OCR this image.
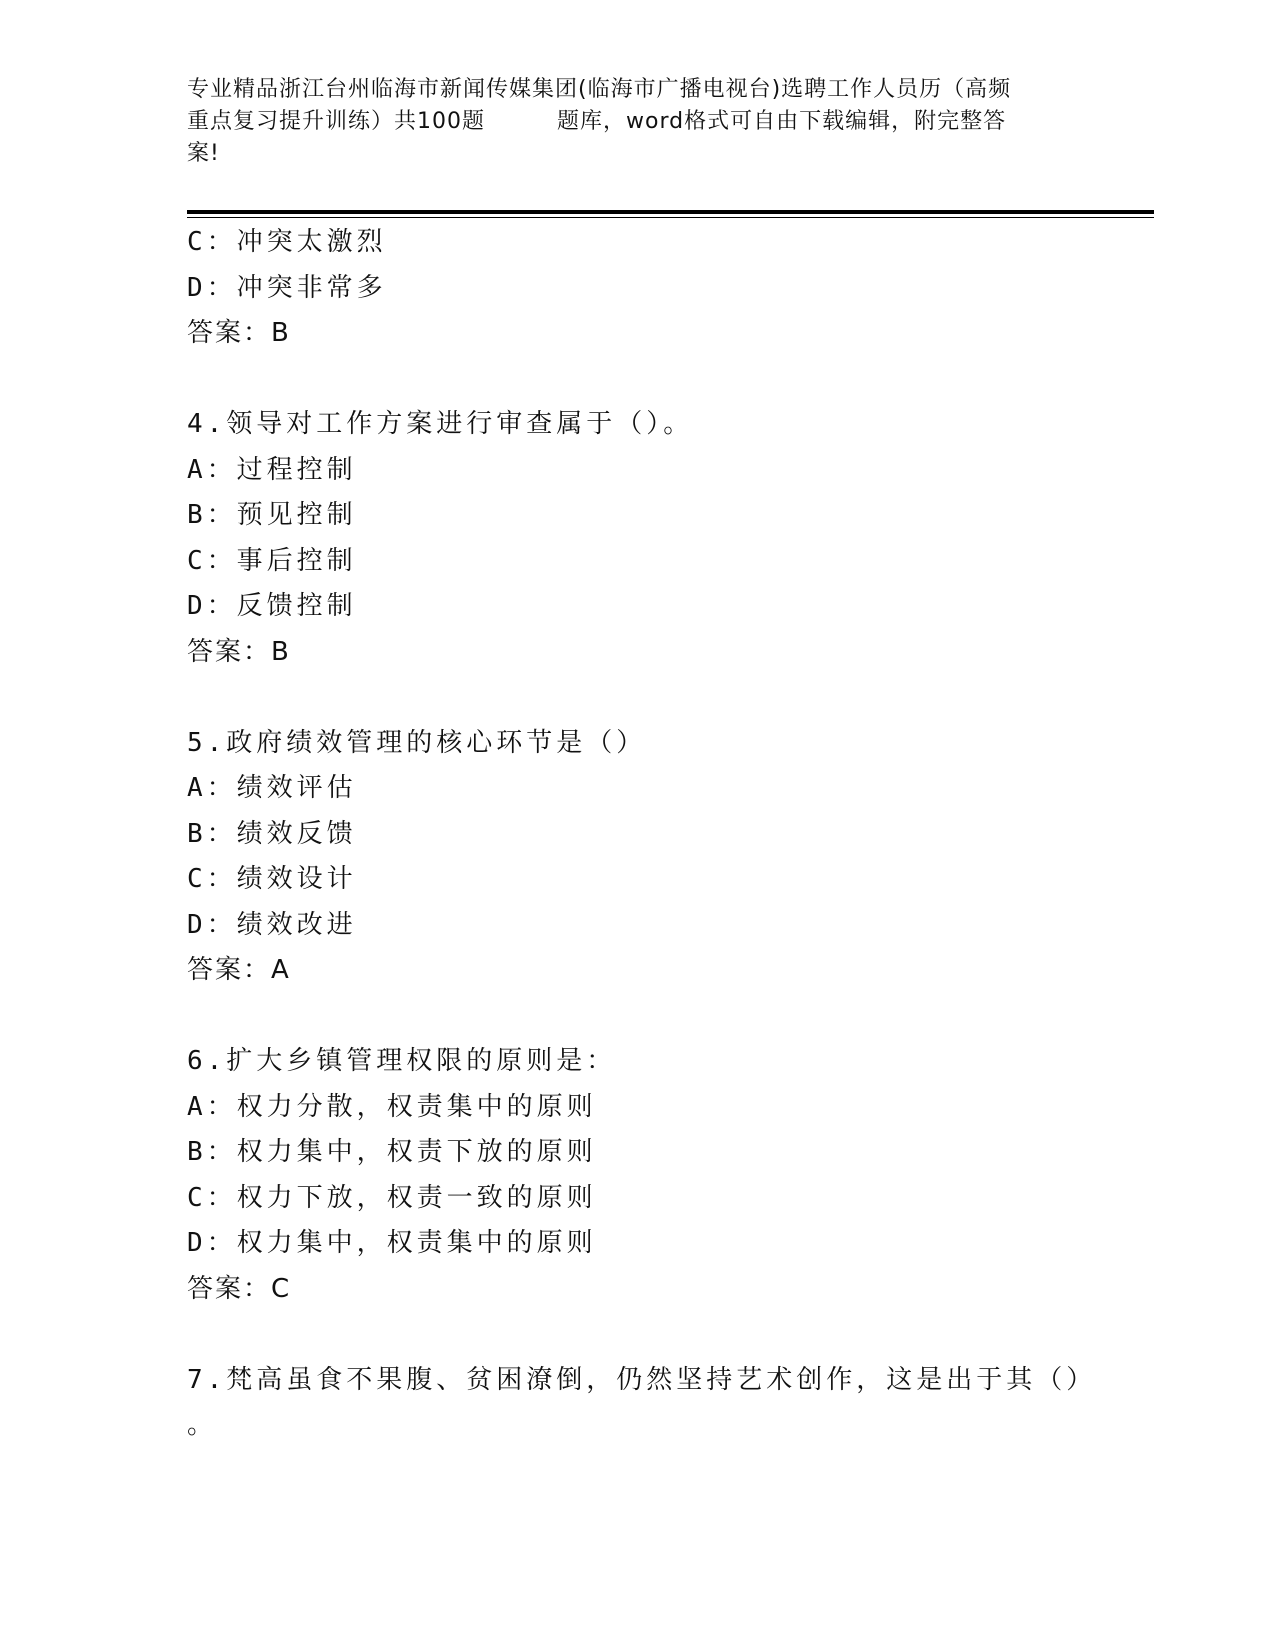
专业精品浙江台州临海市新闻传媒集团(临海市广播电视台)选聘工作人员历（高频
重点复习提升训练）共100题	题库，word格式可自由下载编辑，附完整答
案!
C：冲突太激烈
D：冲突非常多
答案：B
4.领导对工作方案进行审查属于（）。
A：过程控制
B：预见控制
C：事后控制
D：反馈控制
答案：B
5.政府绩效管理的核心环节是（）
A：绩效评估
B：绩效反馈
C：绩效设计
D：绩效改进
答案：A
6.扩大乡镇管理权限的原则是：
A：权力分散，权责集中的原则
B：权力集中，权责下放的原则
C：权力下放，权责一致的原则
D：权力集中，权责集中的原则
答案：C
7.梵高虽食不果腹、贫困潦倒，仍然坚持艺术创作，这是出于其（）
。
